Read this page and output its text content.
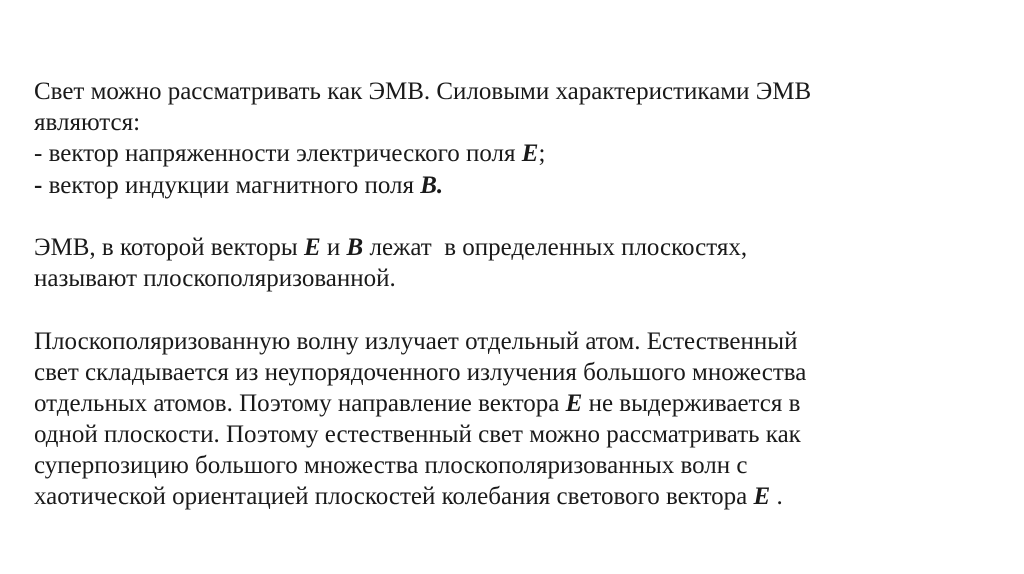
Свет можно рассматривать как ЭМВ. Силовыми характеристиками ЭМВ
являются:
- вектор напряженности электрического поля E;
- вектор индукции магнитного поля B.
ЭМВ, в которой векторы E и B лежат  в определенных плоскостях,
называют плоскополяризованной.
Плоскополяризованную волну излучает отдельный атом. Естественный
свет складывается из неупорядоченного излучения большого множества
отдельных атомов. Поэтому направление вектора E не выдерживается в
одной плоскости. Поэтому естественный свет можно рассматривать как
суперпозицию большого множества плоскополяризованных волн с
хаотической ориентацией плоскостей колебания светового вектора E .
